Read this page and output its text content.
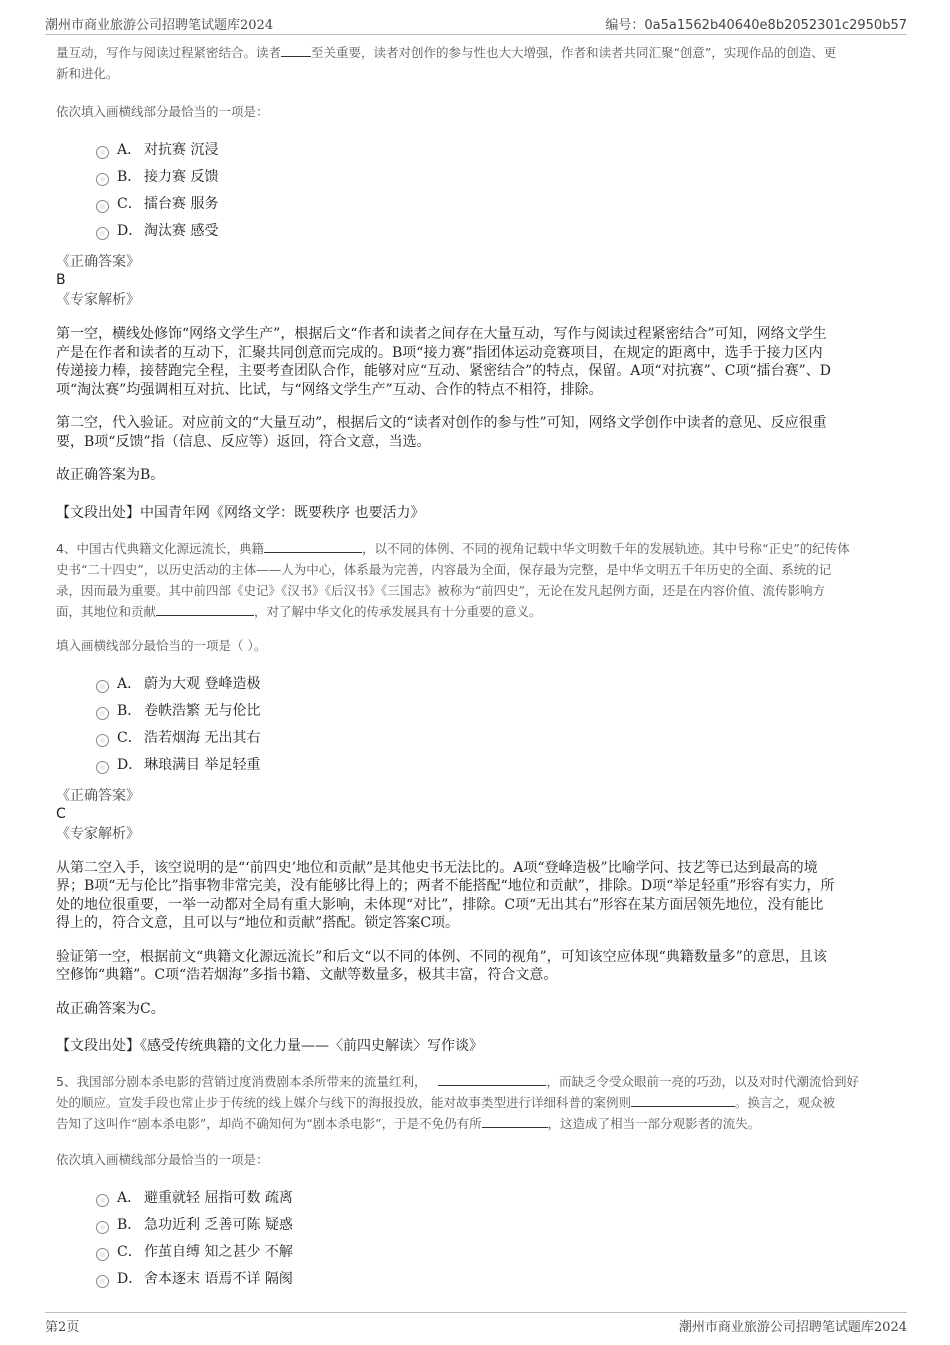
潮州市商业旅游公司招聘笔试题库2024	编号：0a5a1562b40640e8b2052301c2950b57

量互动，写作与阅读过程紧密结合。读者 至关重要，读者对创作的参与性也大大增强，作者和读者共同汇聚“创意”，实现作品的创造、更

新和进化。

依次填入画横线部分最恰当的一项是：

A． 对抗赛 沉浸
B． 接力赛 反馈
C． 擂台赛 服务
D． 淘汰赛 感受

《正确答案》

B

《专家解析》

第一空，横线处修饰“网络文学生产”，根据后文“作者和读者之间存在大量互动，写作与阅读过程紧密结合”可知，网络文学生
产是在作者和读者的互动下，汇聚共同创意而完成的。B项“接力赛”指团体运动竞赛项目，在规定的距离中，选手于接力区内
传递接力棒，接替跑完全程，主要考查团队合作，能够对应“互动、紧密结合”的特点，保留。A项“对抗赛”、C项“擂台赛”、D
项“淘汰赛”均强调相互对抗、比试，与“网络文学生产”互动、合作的特点不相符，排除。

第二空，代入验证。对应前文的“大量互动”，根据后文的“读者对创作的参与性”可知，网络文学创作中读者的意见、反应很重
要，B项“反馈”指（信息、反应等）返回，符合文意，当选。

故正确答案为B。

【文段出处】中国青年网《网络文学：既要秩序 也要活力》

4、中国古代典籍文化源远流长，典籍	，以不同的体例、不同的视角记载中华文明数千年的发展轨迹。其中号称“正史”的纪传体

史书“二十四史”，以历史活动的主体——人为中心，体系最为完善，内容最为全面，保存最为完整，是中华文明五千年历史的全面、系统的记

录，因而最为重要。其中前四部《史记》《汉书》《后汉书》《三国志》被称为“前四史”，无论在发凡起例方面，还是在内容价值、流传影响方

面，其地位和贡献	，对了解中华文化的传承发展具有十分重要的意义。

填入画横线部分最恰当的一项是（ ）。

A． 蔚为大观 登峰造极
B． 卷帙浩繁 无与伦比
C． 浩若烟海 无出其右
D． 琳琅满目 举足轻重

《正确答案》

C

《专家解析》

从第二空入手，该空说明的是“‘前四史’地位和贡献”是其他史书无法比的。A项“登峰造极”比喻学问、技艺等已达到最高的境
界；B项“无与伦比”指事物非常完美，没有能够比得上的；两者不能搭配“地位和贡献”，排除。D项“举足轻重”形容有实力，所
处的地位很重要，一举一动都对全局有重大影响，未体现“对比”，排除。C项“无出其右”形容在某方面居领先地位，没有能比
得上的，符合文意，且可以与“地位和贡献”搭配。锁定答案C项。

验证第一空，根据前文“典籍文化源远流长”和后文“以不同的体例、不同的视角”，可知该空应体现“典籍数量多”的意思，且该
空修饰“典籍”。C项“浩若烟海”多指书籍、文献等数量多，极其丰富，符合文意。

故正确答案为C。

【文段出处】《感受传统典籍的文化力量——〈前四史解读〉写作谈》

5、我国部分剧本杀电影的营销过度消费剧本杀所带来的流量红利，	，而缺乏令受众眼前一亮的巧劲，以及对时代潮流恰到好

处的顺应。宣发手段也常止步于传统的线上媒介与线下的海报投放，能对故事类型进行详细科普的案例则	。换言之，观众被

告知了这叫作“剧本杀电影”，却尚不确知何为“剧本杀电影”，于是不免仍有所	，这造成了相当一部分观影者的流失。

依次填入画横线部分最恰当的一项是：

A． 避重就轻 屈指可数 疏离
B． 急功近利 乏善可陈 疑惑
C． 作茧自缚 知之甚少 不解
D． 舍本逐末 语焉不详 隔阂
第2页	潮州市商业旅游公司招聘笔试题库2024
